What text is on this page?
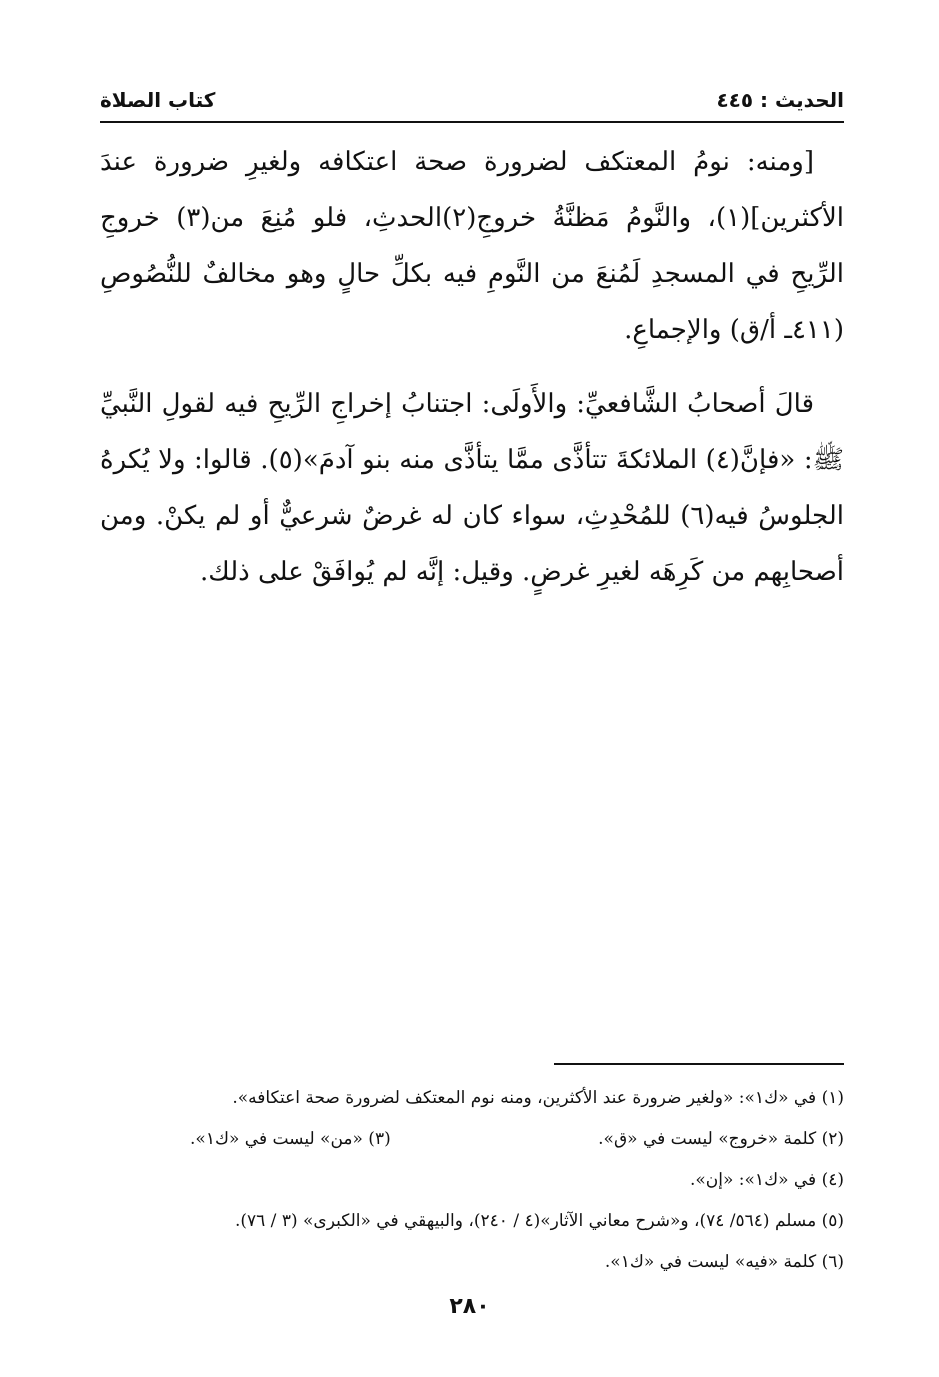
الحديث : ٤٤٥
كتاب الصلاة

[ومنه: نومُ المعتكف لضرورة صحة اعتكافه ولغيرِ ضرورة عندَ الأكثرين](١)، والنَّومُ مَظنَّةُ خروجِ(٢)الحدثِ، فلو مُنِعَ من(٣) خروجِ الرِّيحِ في المسجدِ لَمُنعَ من النَّومِ فيه بكلِّ حالٍ وهو مخالفٌ للنُّصُوصِ (٤١١ـ أ/ق) والإجماعِ.

قالَ أصحابُ الشَّافعيِّ: والأَولَى: اجتنابُ إخراجِ الرِّيحِ فيه لقولِ النَّبيِّ ﷺ: «فإنَّ(٤) الملائكةَ تتأذَّى ممَّا يتأذَّى منه بنو آدمَ»(٥). قالوا: ولا يُكرهُ الجلوسُ فيه(٦) للمُحْدِثِ، سواء كان له غرضٌ شرعيٌّ أو لم يكنْ. ومن أصحابِهم من كَرِهَه لغيرِ غرضٍ. وقيل: إنَّه لم يُوافَقْ على ذلك.

(١) في «ك١»: «ولغير ضرورة عند الأكثرين، ومنه نوم المعتكف لضرورة صحة اعتكافه».
(٢) كلمة «خروج» ليست في «ق».
(٣) «من» ليست في «ك١».
(٤) في «ك١»: «إن».
(٥) مسلم (٥٦٤/ ٧٤)، و«شرح معاني الآثار»(٤ / ٢٤٠)، والبيهقي في «الكبرى» (٣ / ٧٦).
(٦) كلمة «فيه» ليست في «ك١».
٢٨٠
